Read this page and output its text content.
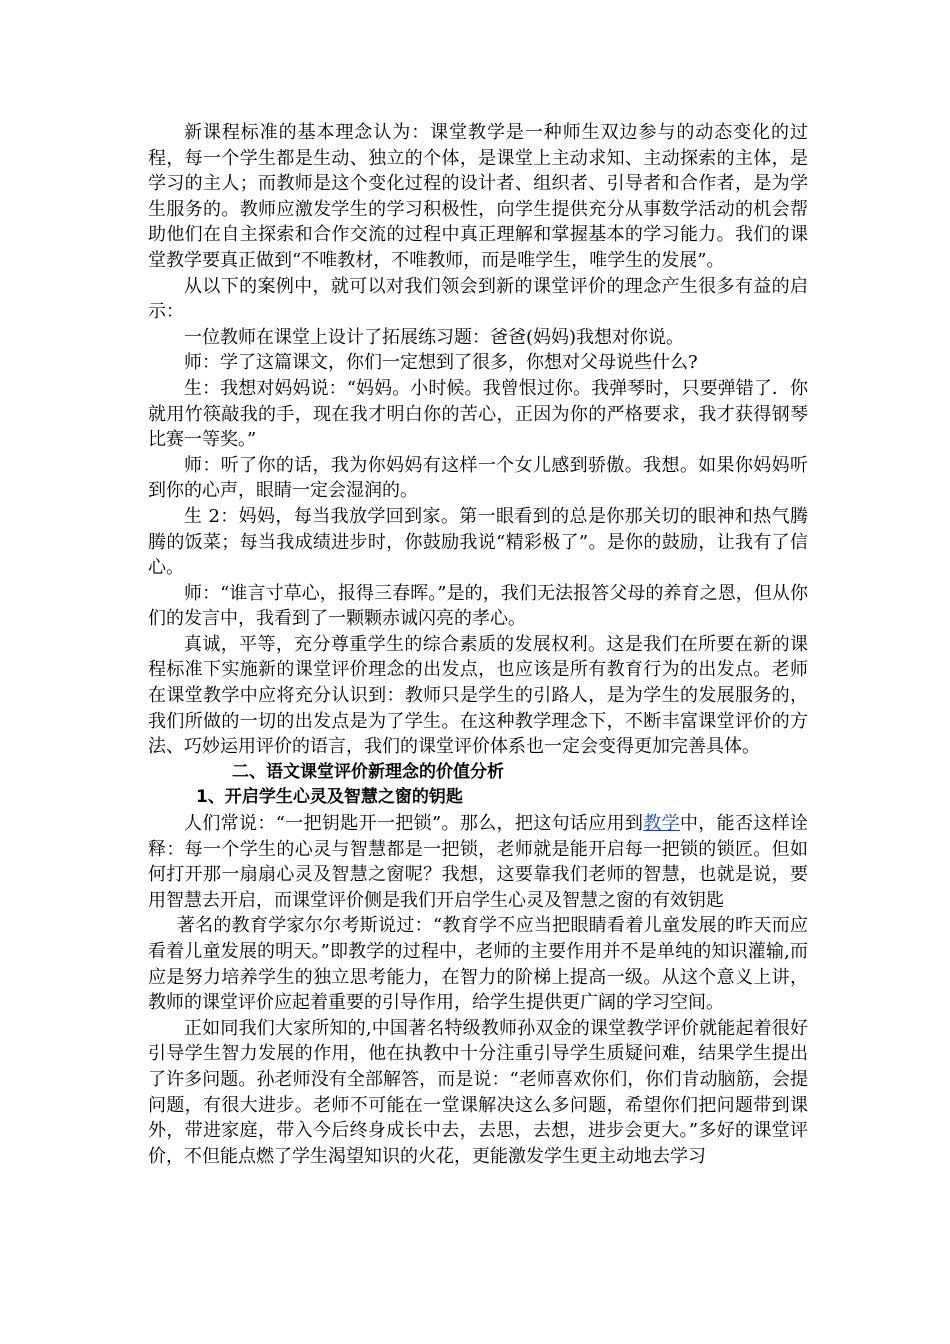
新课程标准的基本理念认为：课堂教学是一种师生双边参与的动态变化的过程，每一个学生都是生动、独立的个体，是课堂上主动求知、主动探索的主体，是学习的主人；而教师是这个变化过程的设计者、组织者、引导者和合作者，是为学生服务的。教师应激发学生的学习积极性，向学生提供充分从事数学活动的机会帮助他们在自主探索和合作交流的过程中真正理解和掌握基本的学习能力。我们的课堂教学要真正做到“不唯教材，不唯教师，而是唯学生，唯学生的发展”。

从以下的案例中，就可以对我们领会到新的课堂评价的理念产生很多有益的启示：

一位教师在课堂上设计了拓展练习题：爸爸(妈妈)我想对你说。

师：学了这篇课文，你们一定想到了很多，你想对父母说些什么?

生：我想对妈妈说：“妈妈。小时候。我曾恨过你。我弹琴时，只要弹错了．你就用竹筷敲我的手，现在我才明白你的苦心，正因为你的严格要求，我才获得钢琴比赛一等奖。”

师：听了你的话，我为你妈妈有这样一个女儿感到骄傲。我想。如果你妈妈听到你的心声，眼睛一定会湿润的。

生 2：妈妈，每当我放学回到家。第一眼看到的总是你那关切的眼神和热气腾腾的饭菜；每当我成绩进步时，你鼓励我说“精彩极了”。是你的鼓励，让我有了信心。

师：“谁言寸草心，报得三春晖。”是的，我们无法报答父母的养育之恩，但从你们的发言中，我看到了一颗颗赤诚闪亮的孝心。

真诚，平等，充分尊重学生的综合素质的发展权利。这是我们在所要在新的课程标准下实施新的课堂评价理念的出发点，也应该是所有教育行为的出发点。老师在课堂教学中应将充分认识到：教师只是学生的引路人，是为学生的发展服务的，我们所做的一切的出发点是为了学生。在这种教学理念下，不断丰富课堂评价的方法、巧妙运用评价的语言，我们的课堂评价体系也一定会变得更加完善具体。

二、语文课堂评价新理念的价值分析

1、开启学生心灵及智慧之窗的钥匙

人们常说：“一把钥匙开一把锁”。那么，把这句话应用到教学中，能否这样诠释：每一个学生的心灵与智慧都是一把锁，老师就是能开启每一把锁的锁匠。但如何打开那一扇扇心灵及智慧之窗呢？我想，这要靠我们老师的智慧，也就是说，要用智慧去开启，而课堂评价侧是我们开启学生心灵及智慧之窗的有效钥匙

著名的教育学家尔尔考斯说过：“教育学不应当把眼睛看着儿童发展的昨天而应看着儿童发展的明天。”即教学的过程中，老师的主要作用并不是单纯的知识灌输,而应是努力培养学生的独立思考能力，在智力的阶梯上提高一级。从这个意义上讲，教师的课堂评价应起着重要的引导作用，给学生提供更广阔的学习空间。

正如同我们大家所知的,中国著名特级教师孙双金的课堂教学评价就能起着很好引导学生智力发展的作用，他在执教中十分注重引导学生质疑问难，结果学生提出了许多问题。孙老师没有全部解答，而是说：“老师喜欢你们，你们肯动脑筋，会提问题，有很大进步。老师不可能在一堂课解决这么多问题，希望你们把问题带到课外，带进家庭，带入今后终身成长中去，去思，去想，进步会更大。”多好的课堂评价，不但能点燃了学生渴望知识的火花，更能激发学生更主动地去学习
